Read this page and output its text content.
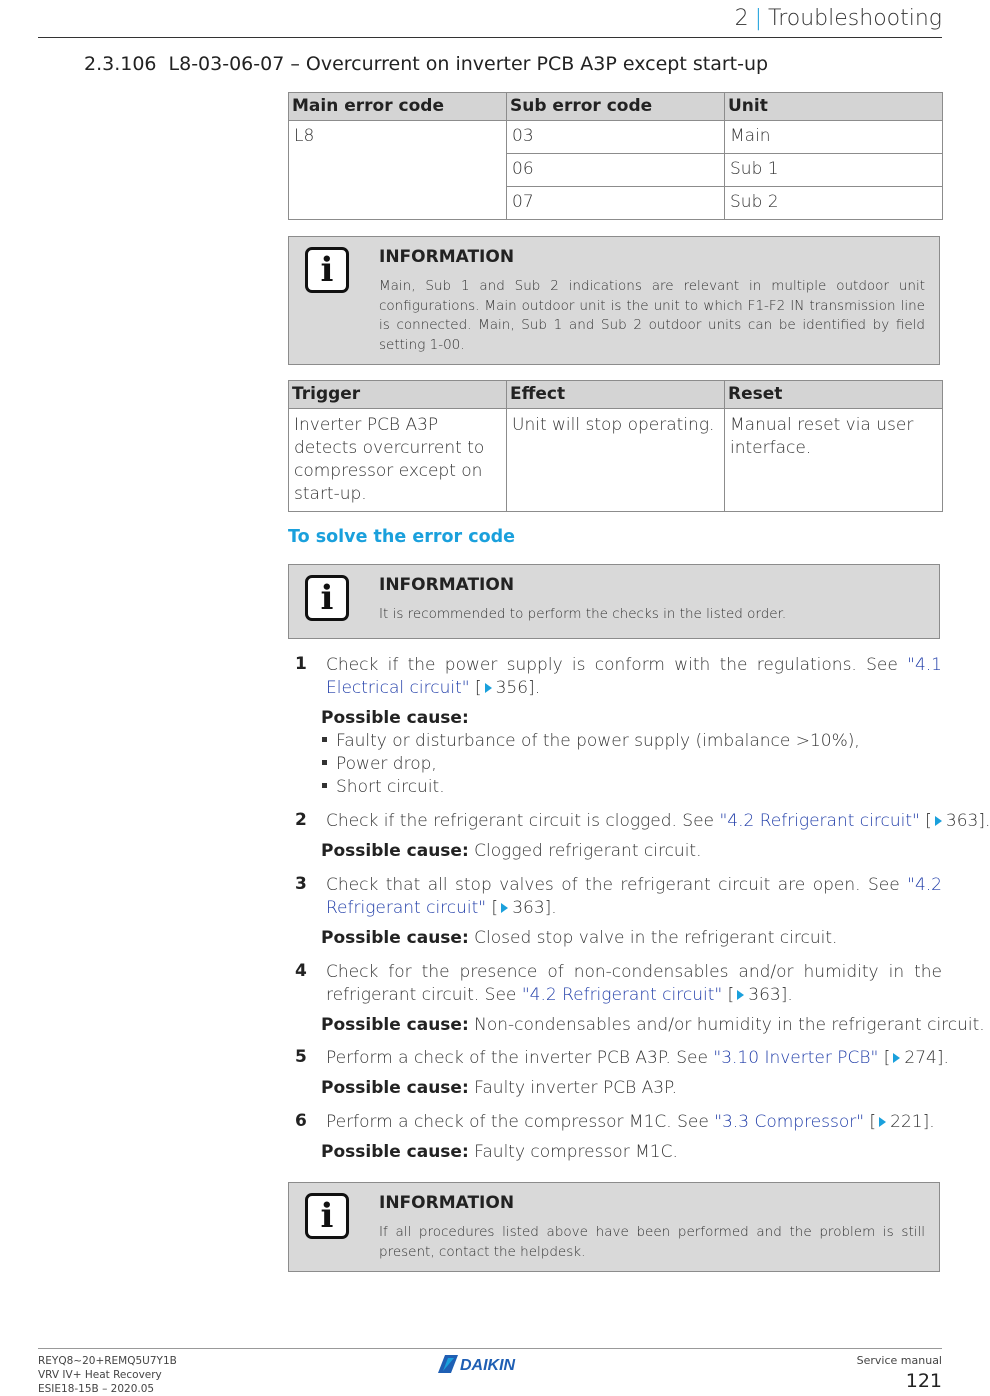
2 | Troubleshooting
2.3.106 L8-03-06-07 – Overcurrent on inverter PCB A3P except start-up
Main error code	Sub error code	Unit
L8	03	Main
	06	Sub 1
	07	Sub 2
i	INFORMATION
Main, Sub 1 and Sub 2 indications are relevant in multiple outdoor unit configurations. Main outdoor unit is the unit to which F1-F2 IN transmission line is connected. Main, Sub 1 and Sub 2 outdoor units can be identified by field setting 1-00.
Trigger	Effect	Reset
Inverter PCB A3P detects overcurrent to compressor except on start-up.	Unit will stop operating.	Manual reset via user interface.
To solve the error code
i	INFORMATION
It is recommended to perform the checks in the listed order.
1 Check if the power supply is conform with the regulations. See "4.1 Electrical circuit" [ 356].
Possible cause:
Faulty or disturbance of the power supply (imbalance >10%),
Power drop,
Short circuit.
2 Check if the refrigerant circuit is clogged. See "4.2 Refrigerant circuit" [ 363].
Possible cause: Clogged refrigerant circuit.
3 Check that all stop valves of the refrigerant circuit are open. See "4.2 Refrigerant circuit" [ 363].
Possible cause: Closed stop valve in the refrigerant circuit.
4 Check for the presence of non-condensables and/or humidity in the refrigerant circuit. See "4.2 Refrigerant circuit" [ 363].
Possible cause: Non-condensables and/or humidity in the refrigerant circuit.
5 Perform a check of the inverter PCB A3P. See "3.10 Inverter PCB" [ 274].
Possible cause: Faulty inverter PCB A3P.
6 Perform a check of the compressor M1C. See "3.3 Compressor" [ 221].
Possible cause: Faulty compressor M1C.
i	INFORMATION
If all procedures listed above have been performed and the problem is still present, contact the helpdesk.
REYQ8~20+REMQ5U7Y1B
VRV IV+ Heat Recovery
ESIE18-15B – 2020.05
DAIKIN	Service manual
121
